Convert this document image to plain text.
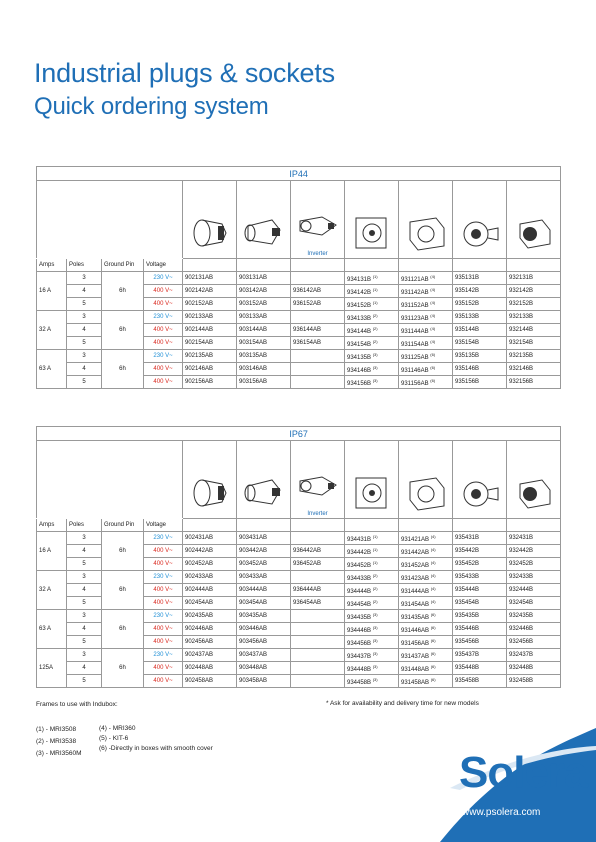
Industrial plugs & sockets
Quick ordering system
IP44										

Inverter

Amps	Poles	Ground Pin	Voltage							
16 A	3	6h	230 V~	902131AB	903131AB		934131B $^{(1)}$	931121AB $^{(4)}$	935131B	932131B
	4		400 V~	902142AB	903142AB	936142AB	934142B $^{(1)}$	931142AB $^{(4)}$	935142B	932142B
	5		400 V~	902152AB	903152AB	936152AB	934152B $^{(1)}$	931152AB $^{(4)}$	935152B	932152B
32 A	3	6h	230 V~	902133AB	903133AB		934133B $^{(2)}$	931123AB $^{(4)}$	935133B	932133B
	4		400 V~	902144AB	903144AB	936144AB	934144B $^{(2)}$	931144AB $^{(4)}$	935144B	932144B
	5		400 V~	902154AB	903154AB	936154AB	934154B $^{(2)}$	931154AB $^{(4)}$	935154B	932154B
63 A	3	6h	230 V~	902135AB	903135AB		934135B $^{(3)}$	931125AB $^{(6)}$	935135B	932135B
	4		400 V~	902146AB	903146AB		934146B $^{(3)}$	931146AB $^{(6)}$	935146B	932146B
	5		400 V~	902156AB	903156AB		934156B $^{(3)}$	931156AB $^{(6)}$	935156B	932156B
IP67										

Inverter

Amps	Poles	Ground Pin	Voltage							
16 A	3	6h	230 V~	902431AB	903431AB		934431B $^{(1)}$	931421AB $^{(4)}$	935431B	932431B
	4		400 V~	902442AB	903442AB	936442AB	934442B $^{(1)}$	931442AB $^{(4)}$	935442B	932442B
	5		400 V~	902452AB	903452AB	936452AB	934452B $^{(1)}$	931452AB $^{(4)}$	935452B	932452B
32 A	3	6h	230 V~	902433AB	903433AB		934433B $^{(2)}$	931423AB $^{(4)}$	935433B	932433B
	4		400 V~	902444AB	903444AB	936444AB	934444B $^{(2)}$	931444AB $^{(4)}$	935444B	932444B
	5		400 V~	902454AB	903454AB	936454AB	934454B $^{(2)}$	931454AB $^{(4)}$	935454B	932454B
63 A	3	6h	230 V~	902435AB	903435AB		934435B $^{(3)}$	931435AB $^{(6)}$	935435B	932435B
	4		400 V~	902446AB	903446AB		934446B $^{(3)}$	931446AB $^{(6)}$	935446B	932446B
	5		400 V~	902456AB	903456AB		934456B $^{(3)}$	931456AB $^{(6)}$	935456B	932456B
125A	3	6h	230 V~	902437AB	903437AB		934437B $^{(3)}$	931437AB $^{(6)}$	935437B	932437B
	4		400 V~	902448AB	903448AB		934448B $^{(3)}$	931448AB $^{(6)}$	935448B	932448B
	5		400 V~	902458AB	903458AB		934458B $^{(3)}$	931458AB $^{(6)}$	935458B	932458B
Frames to use with Indubox:
(1) - MRI3508
(2) - MRI3538
(3) - MRI3560M
(4) - MRI360
(5) - KIT-6
(6) -Directly in boxes with smooth cover
* Ask for availability and delivery time for new models
Solera
www.psolera.com
